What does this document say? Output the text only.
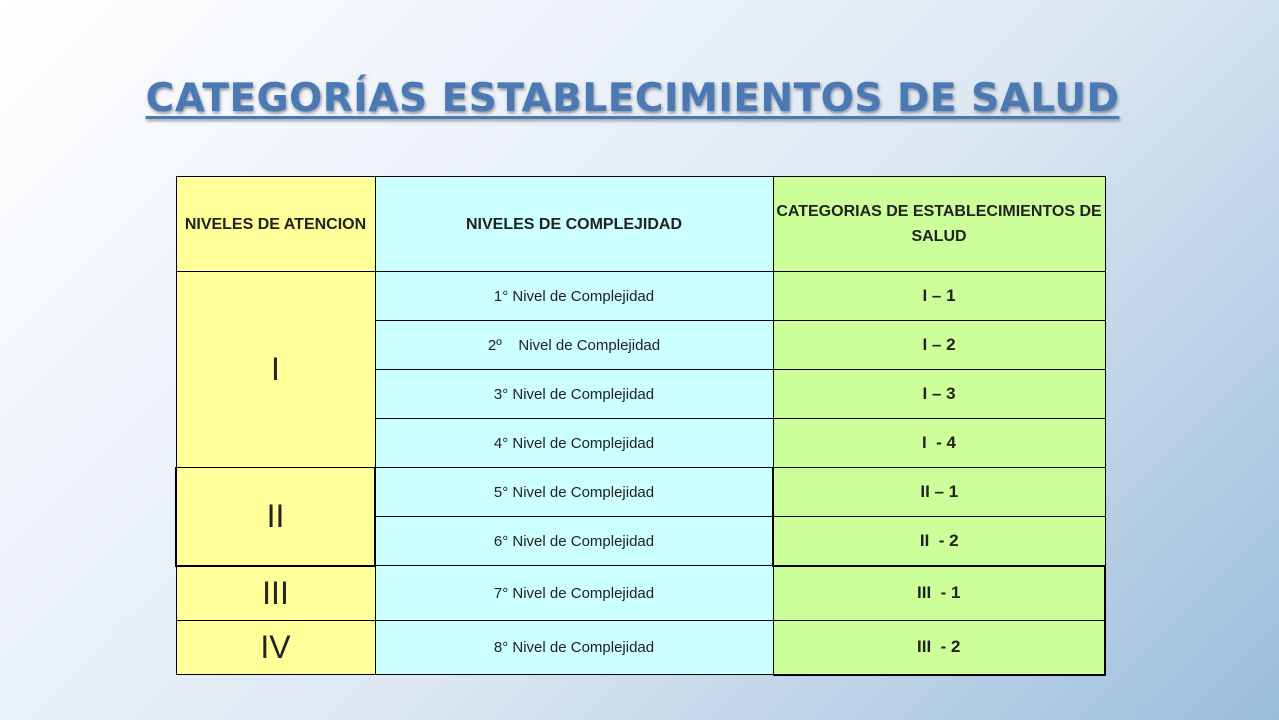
CATEGORÍAS ESTABLECIMIENTOS DE SALUD
NIVELES DE ATENCION	NIVELES DE COMPLEJIDAD	CATEGORIAS DE ESTABLECIMIENTOS DE SALUD
I	1° Nivel de Complejidad	I – 1
	2º    Nivel de Complejidad	I – 2
	3° Nivel de Complejidad	I – 3
	4° Nivel de Complejidad	I  - 4
II	5° Nivel de Complejidad	II – 1
	6° Nivel de Complejidad	II  - 2
III	7° Nivel de Complejidad	III  - 1
IV	8° Nivel de Complejidad	III  - 2
